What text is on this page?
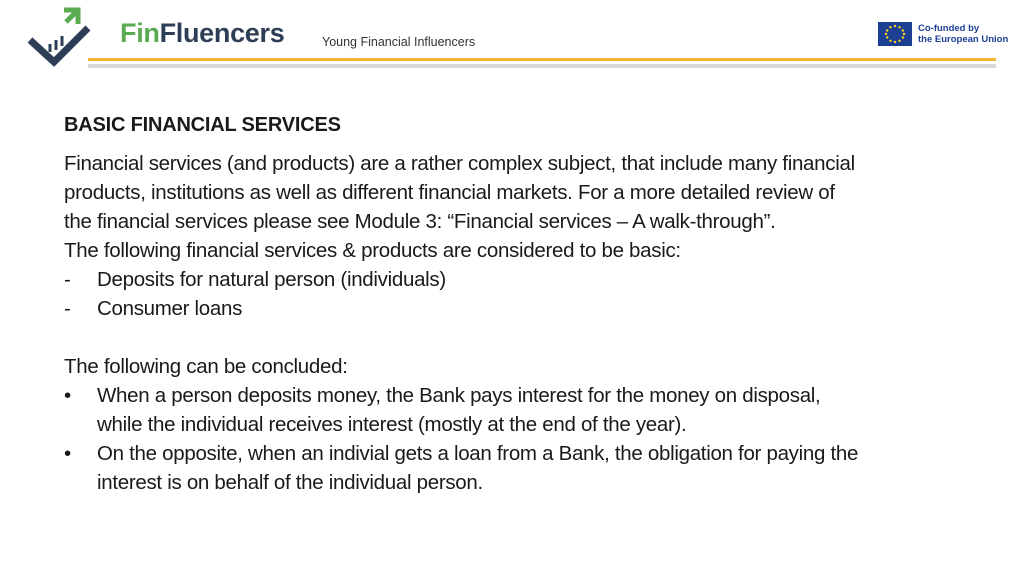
FinFluencers	Young Financial Influencers
Co-funded by
the European Union
BASIC FINANCIAL SERVICES
Financial services (and products) are a rather complex subject, that include many financial
products, institutions as well as different financial markets. For a more detailed review of
the financial services please see Module 3: “Financial services – A walk-through”.
The following financial services & products are considered to be basic:
-	Deposits for natural person (individuals)
-	Consumer loans
The following can be concluded:
•	When a person deposits money, the Bank pays interest for the money on disposal,
while the individual receives interest (mostly at the end of the year).
•	On the opposite, when an indivial gets a loan from a Bank, the obligation for paying the
interest is on behalf of the individual person.
